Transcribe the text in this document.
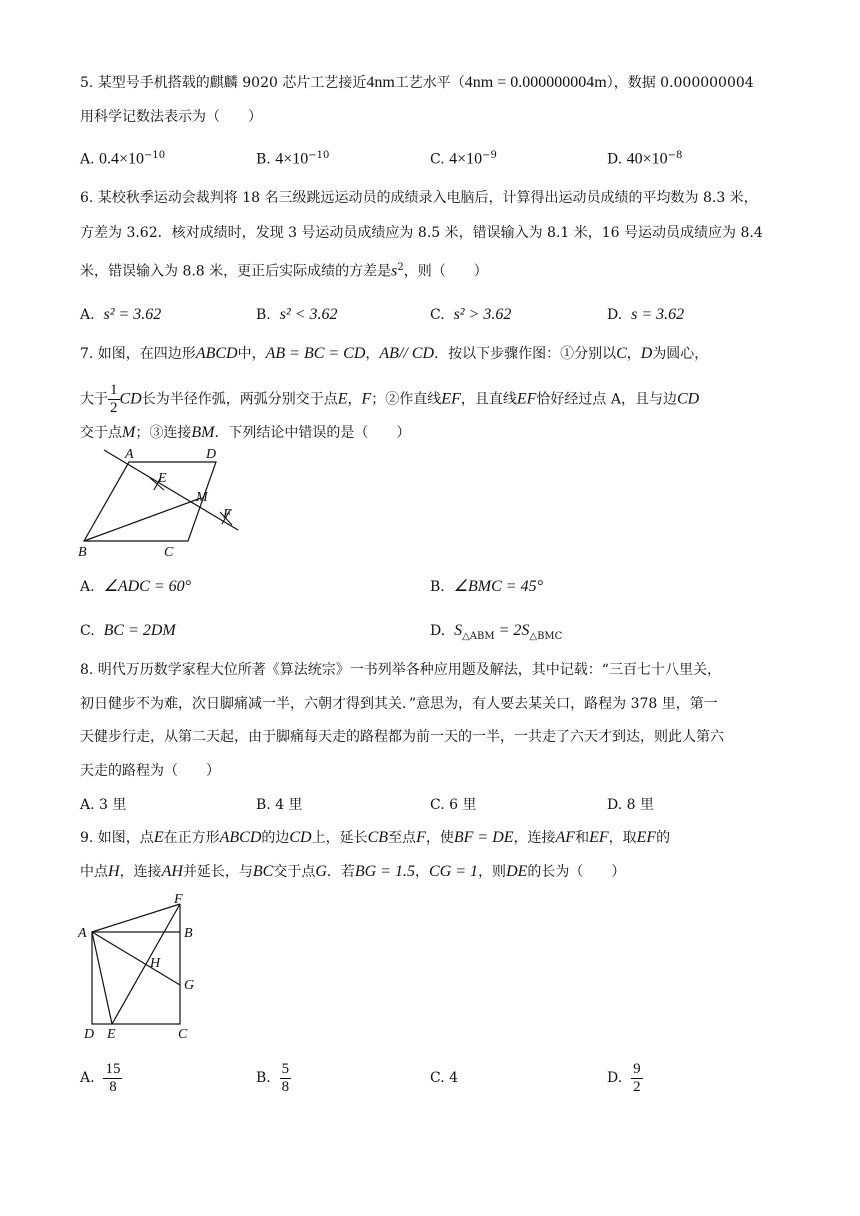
5. 某型号手机搭载的麒麟 9020 芯片工艺接近4nm工艺水平（4nm = 0.000000004m），数据 0.000000004
用科学记数法表示为（　　）
A. $0.4\times 10^{-10}$	B. $4\times 10^{-10}$	C. $4\times 10^{-9}$	D. $40\times 10^{-8}$
6. 某校秋季运动会裁判将 18 名三级跳远运动员的成绩录入电脑后，计算得出运动员成绩的平均数为 8.3 米，
方差为 3.62．核对成绩时，发现 3 号运动员成绩应为 8.5 米，错误输入为 8.1 米，16 号运动员成绩应为 8.4
米，错误输入为 8.8 米，更正后实际成绩的方差是$s^2$，则（　　）
A. s² = 3.62	B. s² < 3.62	C. s² > 3.62	D. s = 3.62
7. 如图，在四边形ABCD中，AB = BC = CD，AB// CD．按以下步骤作图：①分别以C，D为圆心，
大于 $\frac{1}{2}$ CD长为半径作弧，两弧分别交于点E，F；②作直线EF，且直线EF恰好经过点 A，且与边CD
交于点M；③连接BM．下列结论中错误的是（　　）
A	D
E
M
F
B	C
A. ∠ADC = 60°	B. ∠BMC = 45°
C. BC = 2DM	D. $S_{\triangle ABM} = 2S_{\triangle BMC}$
8. 明代万历数学家程大位所著《算法统宗》一书列举各种应用题及解法，其中记载：“三百七十八里关，
初日健步不为难，次日脚痛减一半，六朝才得到其关．”意思为，有人要去某关口，路程为 378 里，第一
天健步行走，从第二天起，由于脚痛每天走的路程都为前一天的一半，一共走了六天才到达，则此人第六
天走的路程为（　　）
A. 3 里	B. 4 里	C. 6 里	D. 8 里
9. 如图，点E在正方形ABCD的边CD上，延长CB至点F，使BF = DE，连接AF和EF，取EF的
中点H，连接AH并延长，与BC交于点G．若BG = 1.5，CG = 1，则DE的长为（　　）
F
A	B
H
G
D E	C
A. $\frac{15}{8}$	B. $\frac{5}{8}$	C. 4	D. $\frac{9}{2}$
